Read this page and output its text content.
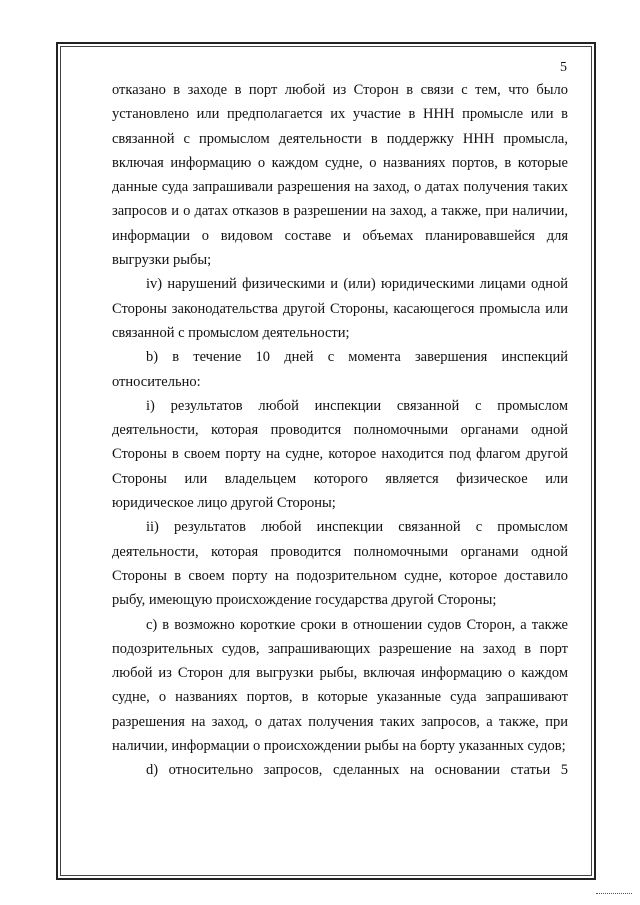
5

отказано в заходе в порт любой из Сторон в связи с тем, что было установлено или предполагается их участие в ННН промысле или в связанной с промыслом деятельности в поддержку ННН промысла, включая информацию о каждом судне, о названиях портов, в которые данные суда запрашивали разрешения на заход, о датах получения таких запросов и о датах отказов в разрешении на заход, а также, при наличии, информации о видовом составе и объемах планировавшейся для выгрузки рыбы;

iv) нарушений физическими и (или) юридическими лицами одной Стороны законодательства другой Стороны, касающегося промысла или связанной с промыслом деятельности;

b) в течение 10 дней с момента завершения инспекций относительно:

i) результатов любой инспекции связанной с промыслом деятельности, которая проводится полномочными органами одной Стороны в своем порту на судне, которое находится под флагом другой Стороны или владельцем которого является физическое или юридическое лицо другой Стороны;

ii) результатов любой инспекции связанной с промыслом деятельности, которая проводится полномочными органами одной Стороны в своем порту на подозрительном судне, которое доставило рыбу, имеющую происхождение государства другой Стороны;

c) в возможно короткие сроки в отношении судов Сторон, а также подозрительных судов, запрашивающих разрешение на заход в порт любой из Сторон для выгрузки рыбы, включая информацию о каждом судне, о названиях портов, в которые указанные суда запрашивают разрешения на заход, о датах получения таких запросов, а также, при наличии, информации о происхождении рыбы на борту указанных судов;

d) относительно запросов, сделанных на основании статьи 5
